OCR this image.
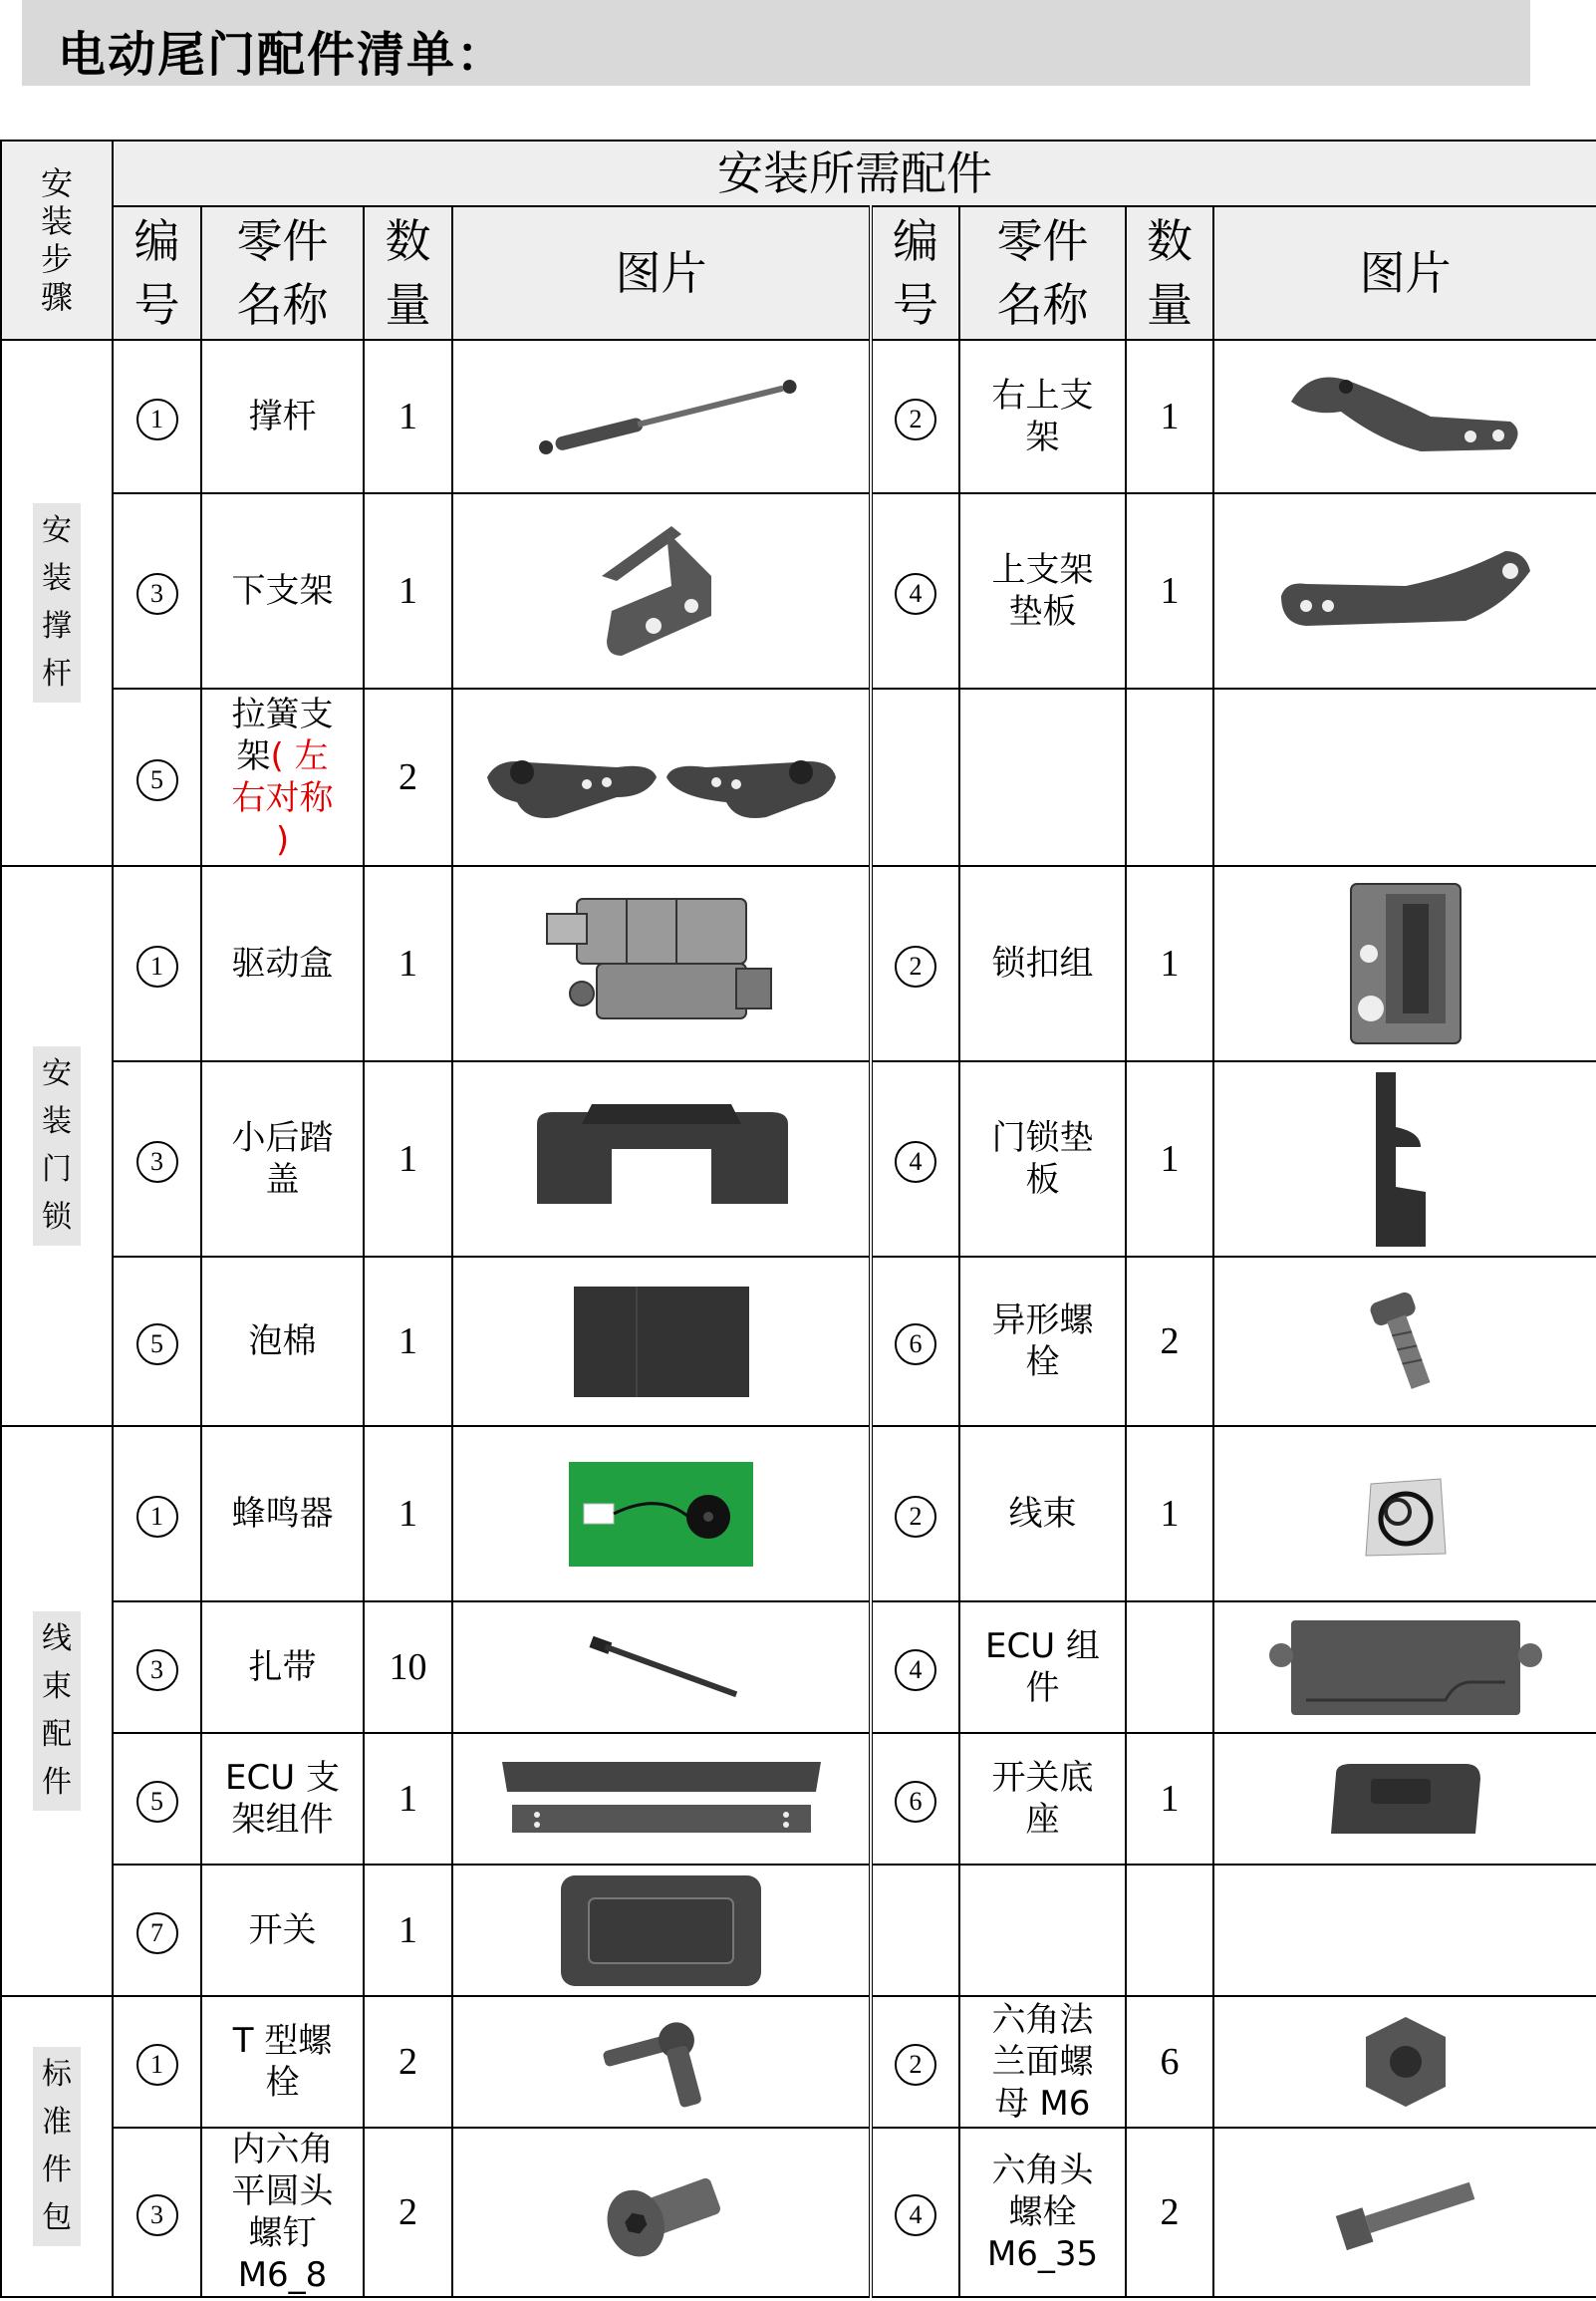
电动尾门配件清单：
安装步骤	安装所需配件							

	编号	零件名称	数量	图片	编号	零件名称	数量	图片
安装撑杆	1	撑杆	1		2	右上支架	1	

	3	下支架	1		4	上支架垫板	1	

	5	拉簧支架( 左右对称 )	2	

安装门锁	1	驱动盒	1		2	锁扣组	1	

	3	小后踏盖	1		4	门锁垫板	1	

	5	泡棉	1		6	异形螺栓	2	

线束配件	1	蜂鸣器	1		2	线束	1	

	3	扎带	10		4	ECU 组件

	5	ECU 支架组件	1		6	开关底座	1	

	7	开关	1	

标准件包	1	T 型螺栓	2		2	六角法兰面螺母 M6	6	

	3	内六角平圆头螺钉 M6_8	2		4	六角头螺栓 M6_35	2	
